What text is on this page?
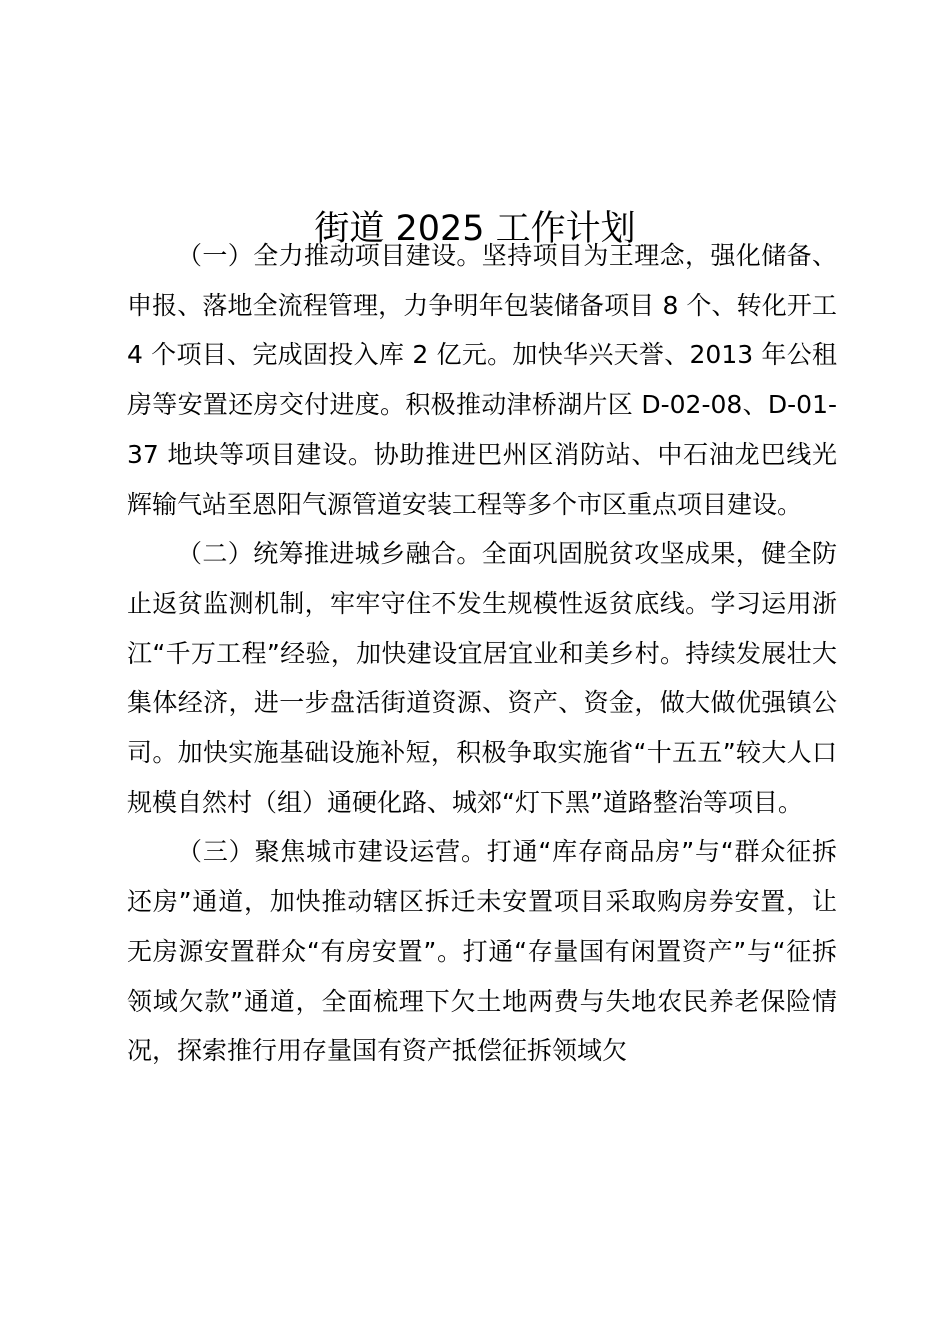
街道 2025 工作计划

（一）全力推动项目建设。坚持项目为王理念，强化储备、申报、落地全流程管理，力争明年包装储备项目 8 个、转化开工 4 个项目、完成固投入库 2 亿元。加快华兴天誉、2013 年公租房等安置还房交付进度。积极推动津桥湖片区 D-02-08、D-01-37 地块等项目建设。协助推进巴州区消防站、中石油龙巴线光辉输气站至恩阳气源管道安装工程等多个市区重点项目建设。

（二）统筹推进城乡融合。全面巩固脱贫攻坚成果，健全防止返贫监测机制，牢牢守住不发生规模性返贫底线。学习运用浙江“千万工程”经验，加快建设宜居宜业和美乡村。持续发展壮大集体经济，进一步盘活街道资源、资产、资金，做大做优强镇公司。加快实施基础设施补短，积极争取实施省“十五五”较大人口规模自然村（组）通硬化路、城郊“灯下黑”道路整治等项目。

（三）聚焦城市建设运营。打通“库存商品房”与“群众征拆还房”通道，加快推动辖区拆迁未安置项目采取购房券安置，让无房源安置群众“有房安置”。打通“存量国有闲置资产”与“征拆领域欠款”通道，全面梳理下欠土地两费与失地农民养老保险情况，探索推行用存量国有资产抵偿征拆领域欠
